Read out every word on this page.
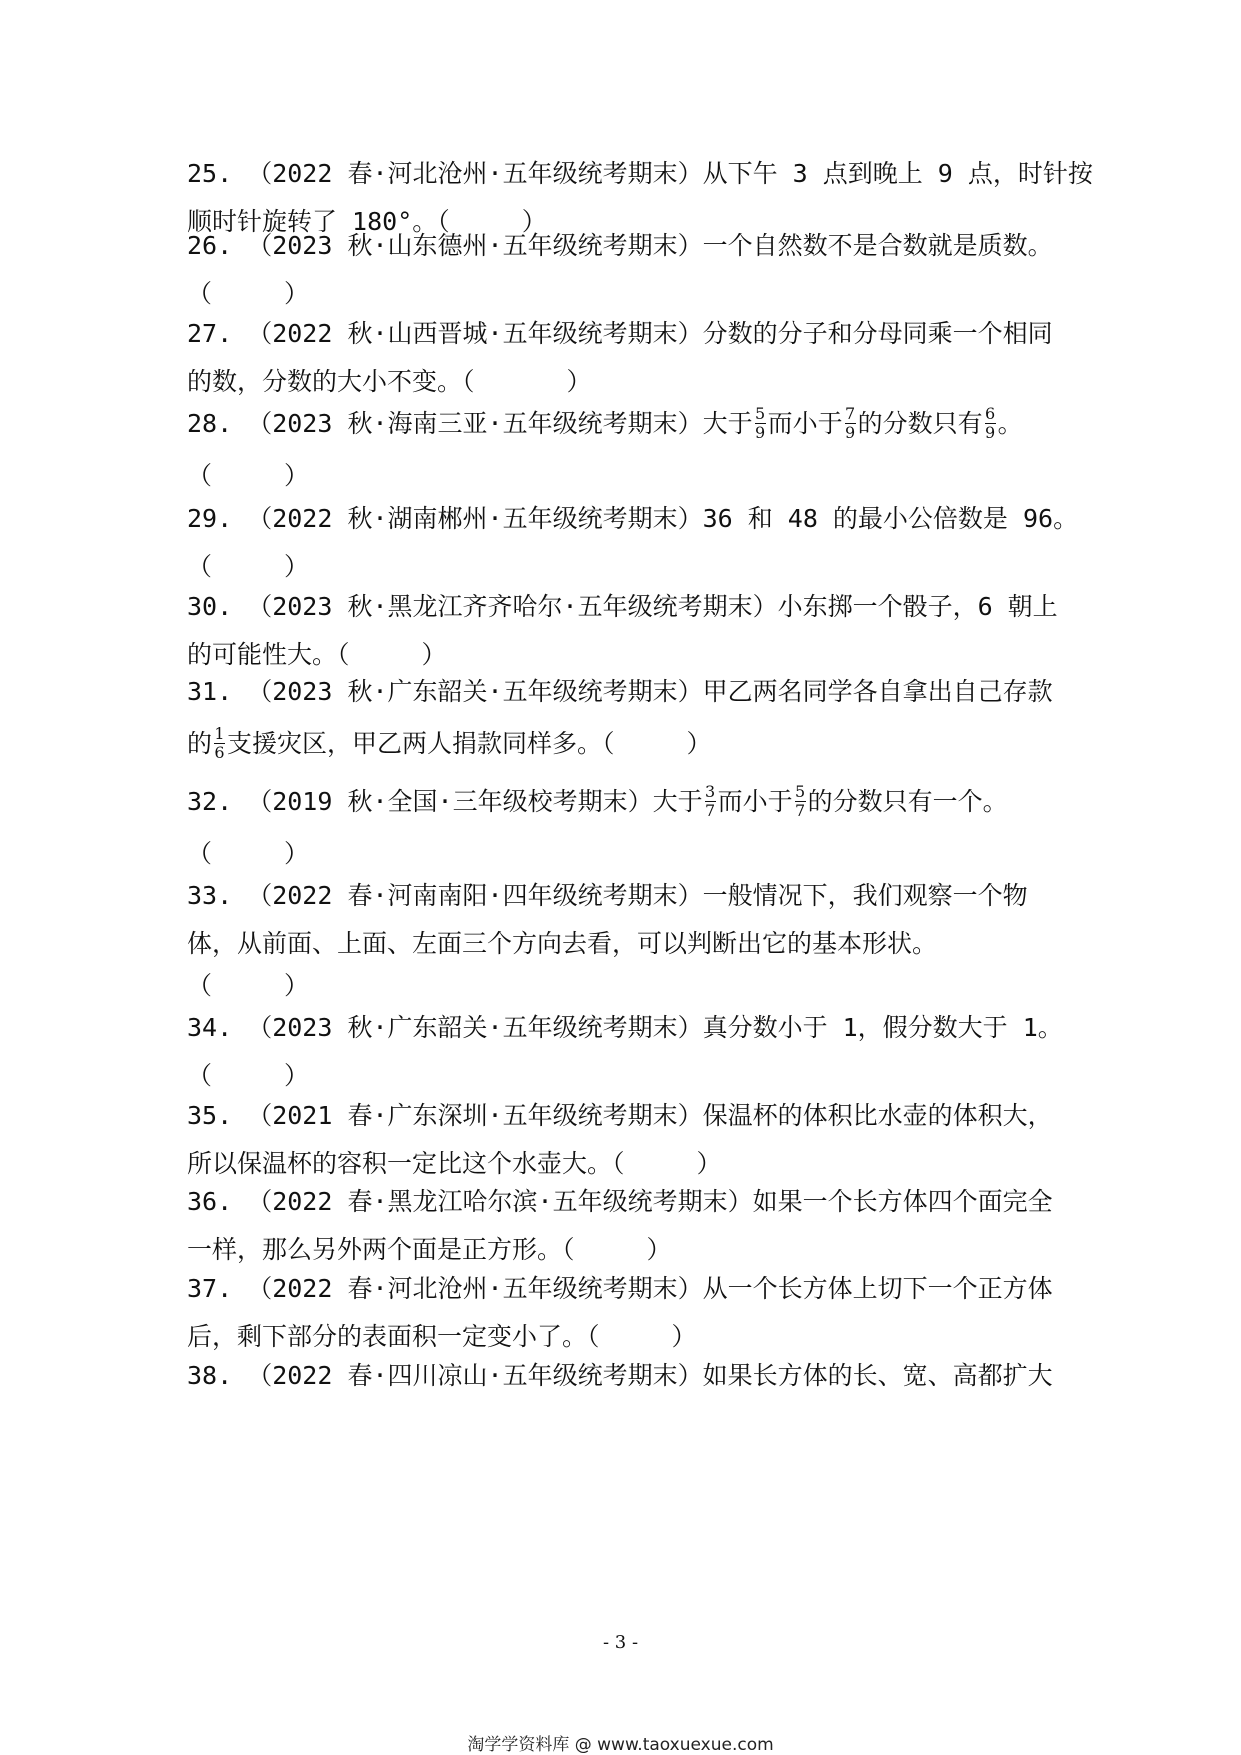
25. （2022 春·河北沧州·五年级统考期末）从下午 3 点到晚上 9 点，时针按
顺时针旋转了 180°。（	）
26. （2023 秋·山东德州·五年级统考期末）一个自然数不是合数就是质数。
（	）
27. （2022 秋·山西晋城·五年级统考期末）分数的分子和分母同乘一个相同
的数，分数的大小不变。（	）
28. （2023 秋·海南三亚·五年级统考期末）大于 $\frac{5}{9}$ 而小于 $\frac{7}{9}$ 的分数只有 $\frac{6}{9}$ 。
（	）
29. （2022 秋·湖南郴州·五年级统考期末）36 和 48 的最小公倍数是 96。
（	）
30. （2023 秋·黑龙江齐齐哈尔·五年级统考期末）小东掷一个骰子，6 朝上
的可能性大。（	）
31. （2023 秋·广东韶关·五年级统考期末）甲乙两名同学各自拿出自己存款
的 $\frac{1}{6}$ 支援灾区，甲乙两人捐款同样多。（	）
32. （2019 秋·全国·三年级校考期末）大于 $\frac{3}{7}$ 而小于 $\frac{5}{7}$ 的分数只有一个。
（	）
33. （2022 春·河南南阳·四年级统考期末）一般情况下，我们观察一个物
体，从前面、上面、左面三个方向去看，可以判断出它的基本形状。
（	）
34. （2023 秋·广东韶关·五年级统考期末）真分数小于 1，假分数大于 1。
（	）
35. （2021 春·广东深圳·五年级统考期末）保温杯的体积比水壶的体积大，
所以保温杯的容积一定比这个水壶大。（	）
36. （2022 春·黑龙江哈尔滨·五年级统考期末）如果一个长方体四个面完全
一样，那么另外两个面是正方形。（	）
37. （2022 春·河北沧州·五年级统考期末）从一个长方体上切下一个正方体
后，剩下部分的表面积一定变小了。（	）
38. （2022 春·四川凉山·五年级统考期末）如果长方体的长、宽、高都扩大
- 3 -
淘学学资料库 @ www.taoxuexue.com
